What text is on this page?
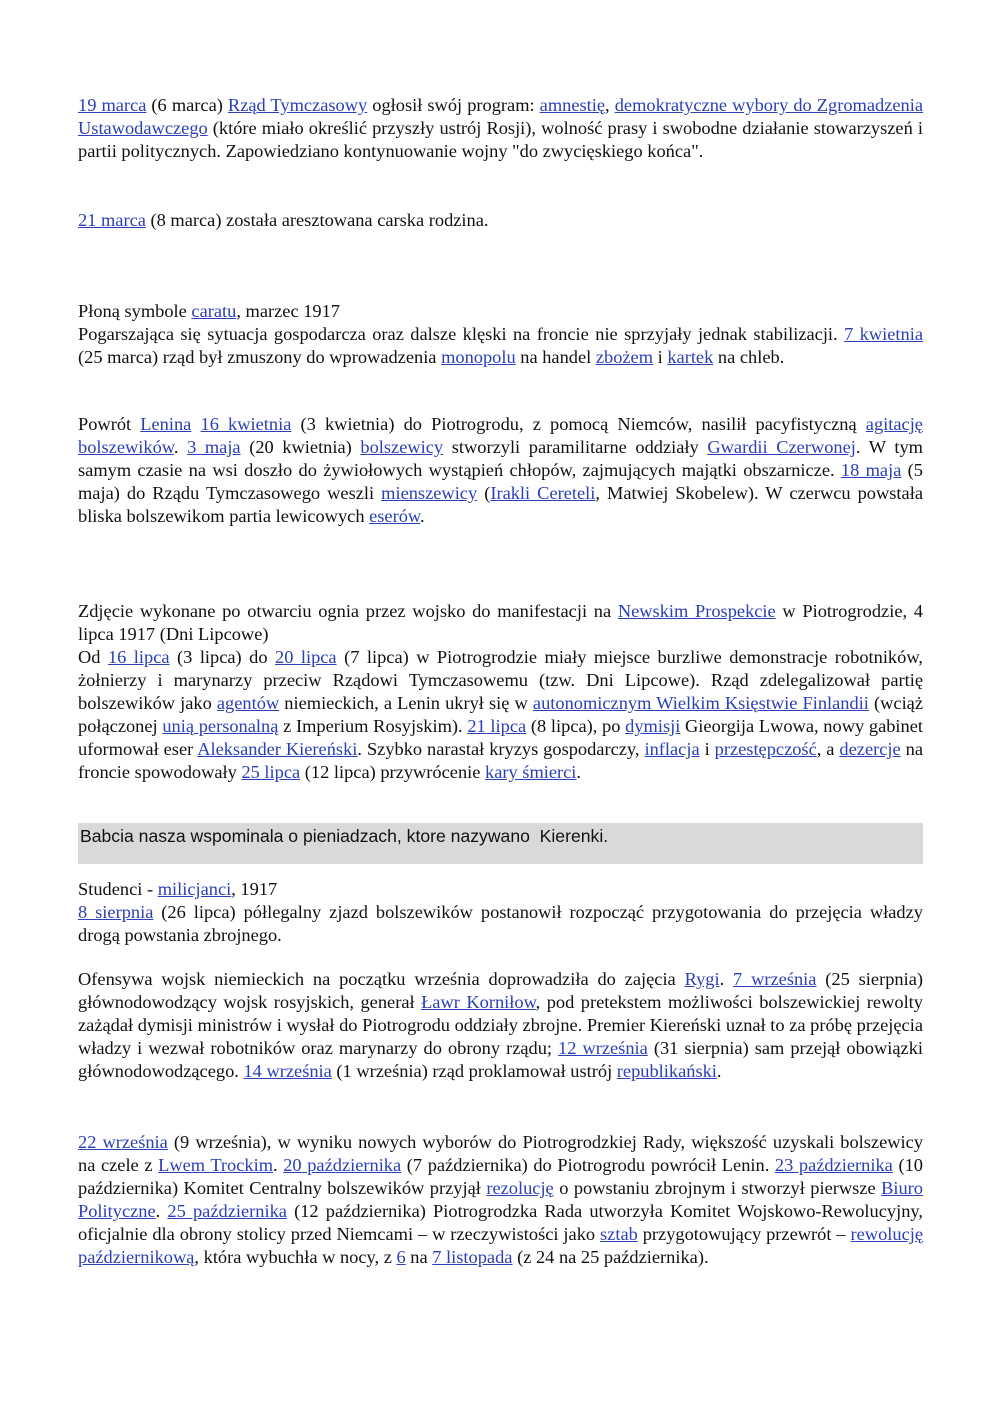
19 marca (6 marca) Rząd Tymczasowy ogłosił swój program: amnestię, demokratyczne wybory do Zgromadzenia Ustawodawczego (które miało określić przyszły ustrój Rosji), wolność prasy i swobodne działanie stowarzyszeń i partii politycznych. Zapowiedziano kontynuowanie wojny "do zwycięskiego końca".

21 marca (8 marca) została aresztowana carska rodzina.

Płoną symbole caratu, marzec 1917
Pogarszająca się sytuacja gospodarcza oraz dalsze klęski na froncie nie sprzyjały jednak stabilizacji. 7 kwietnia (25 marca) rząd był zmuszony do wprowadzenia monopolu na handel zbożem i kartek na chleb.

Powrót Lenina 16 kwietnia (3 kwietnia) do Piotrogrodu, z pomocą Niemców, nasilił pacyfistyczną agitację bolszewików. 3 maja (20 kwietnia) bolszewicy stworzyli paramilitarne oddziały Gwardii Czerwonej. W tym samym czasie na wsi doszło do żywiołowych wystąpień chłopów, zajmujących majątki obszarnicze. 18 maja (5 maja) do Rządu Tymczasowego weszli mienszewicy (Irakli Cereteli, Matwiej Skobelew). W czerwcu powstała bliska bolszewikom partia lewicowych eserów.

Zdjęcie wykonane po otwarciu ognia przez wojsko do manifestacji na Newskim Prospekcie w Piotrogrodzie, 4 lipca 1917 (Dni Lipcowe)
Od 16 lipca (3 lipca) do 20 lipca (7 lipca) w Piotrogrodzie miały miejsce burzliwe demonstracje robotników, żołnierzy i marynarzy przeciw Rządowi Tymczasowemu (tzw. Dni Lipcowe). Rząd zdelegalizował partię bolszewików jako agentów niemieckich, a Lenin ukrył się w autonomicznym Wielkim Księstwie Finlandii (wciąż połączonej unią personalną z Imperium Rosyjskim). 21 lipca (8 lipca), po dymisji Gieorgija Lwowa, nowy gabinet uformował eser Aleksander Kiereński. Szybko narastał kryzys gospodarczy, inflacja i przestępczość, a dezercje na froncie spowodowały 25 lipca (12 lipca) przywrócenie kary śmierci.

Babcia nasza wspominala o pieniadzach, ktore nazywano  Kierenki.

Studenci - milicjanci, 1917
8 sierpnia (26 lipca) półlegalny zjazd bolszewików postanowił rozpocząć przygotowania do przejęcia władzy drogą powstania zbrojnego.

Ofensywa wojsk niemieckich na początku września doprowadziła do zajęcia Rygi. 7 września (25 sierpnia) głównodowodzący wojsk rosyjskich, generał Ławr Korniłow, pod pretekstem możliwości bolszewickiej rewolty zażądał dymisji ministrów i wysłał do Piotrogrodu oddziały zbrojne. Premier Kiereński uznał to za próbę przejęcia władzy i wezwał robotników oraz marynarzy do obrony rządu; 12 września (31 sierpnia) sam przejął obowiązki głównodowodzącego. 14 września (1 września) rząd proklamował ustrój republikański.

22 września (9 września), w wyniku nowych wyborów do Piotrogrodzkiej Rady, większość uzyskali bolszewicy na czele z Lwem Trockim. 20 października (7 października) do Piotrogrodu powrócił Lenin. 23 października (10 października) Komitet Centralny bolszewików przyjął rezolucję o powstaniu zbrojnym i stworzył pierwsze Biuro Polityczne. 25 października (12 października) Piotrogrodzka Rada utworzyła Komitet Wojskowo-Rewolucyjny, oficjalnie dla obrony stolicy przed Niemcami – w rzeczywistości jako sztab przygotowujący przewrót – rewolucję październikową, która wybuchła w nocy, z 6 na 7 listopada (z 24 na 25 października).
